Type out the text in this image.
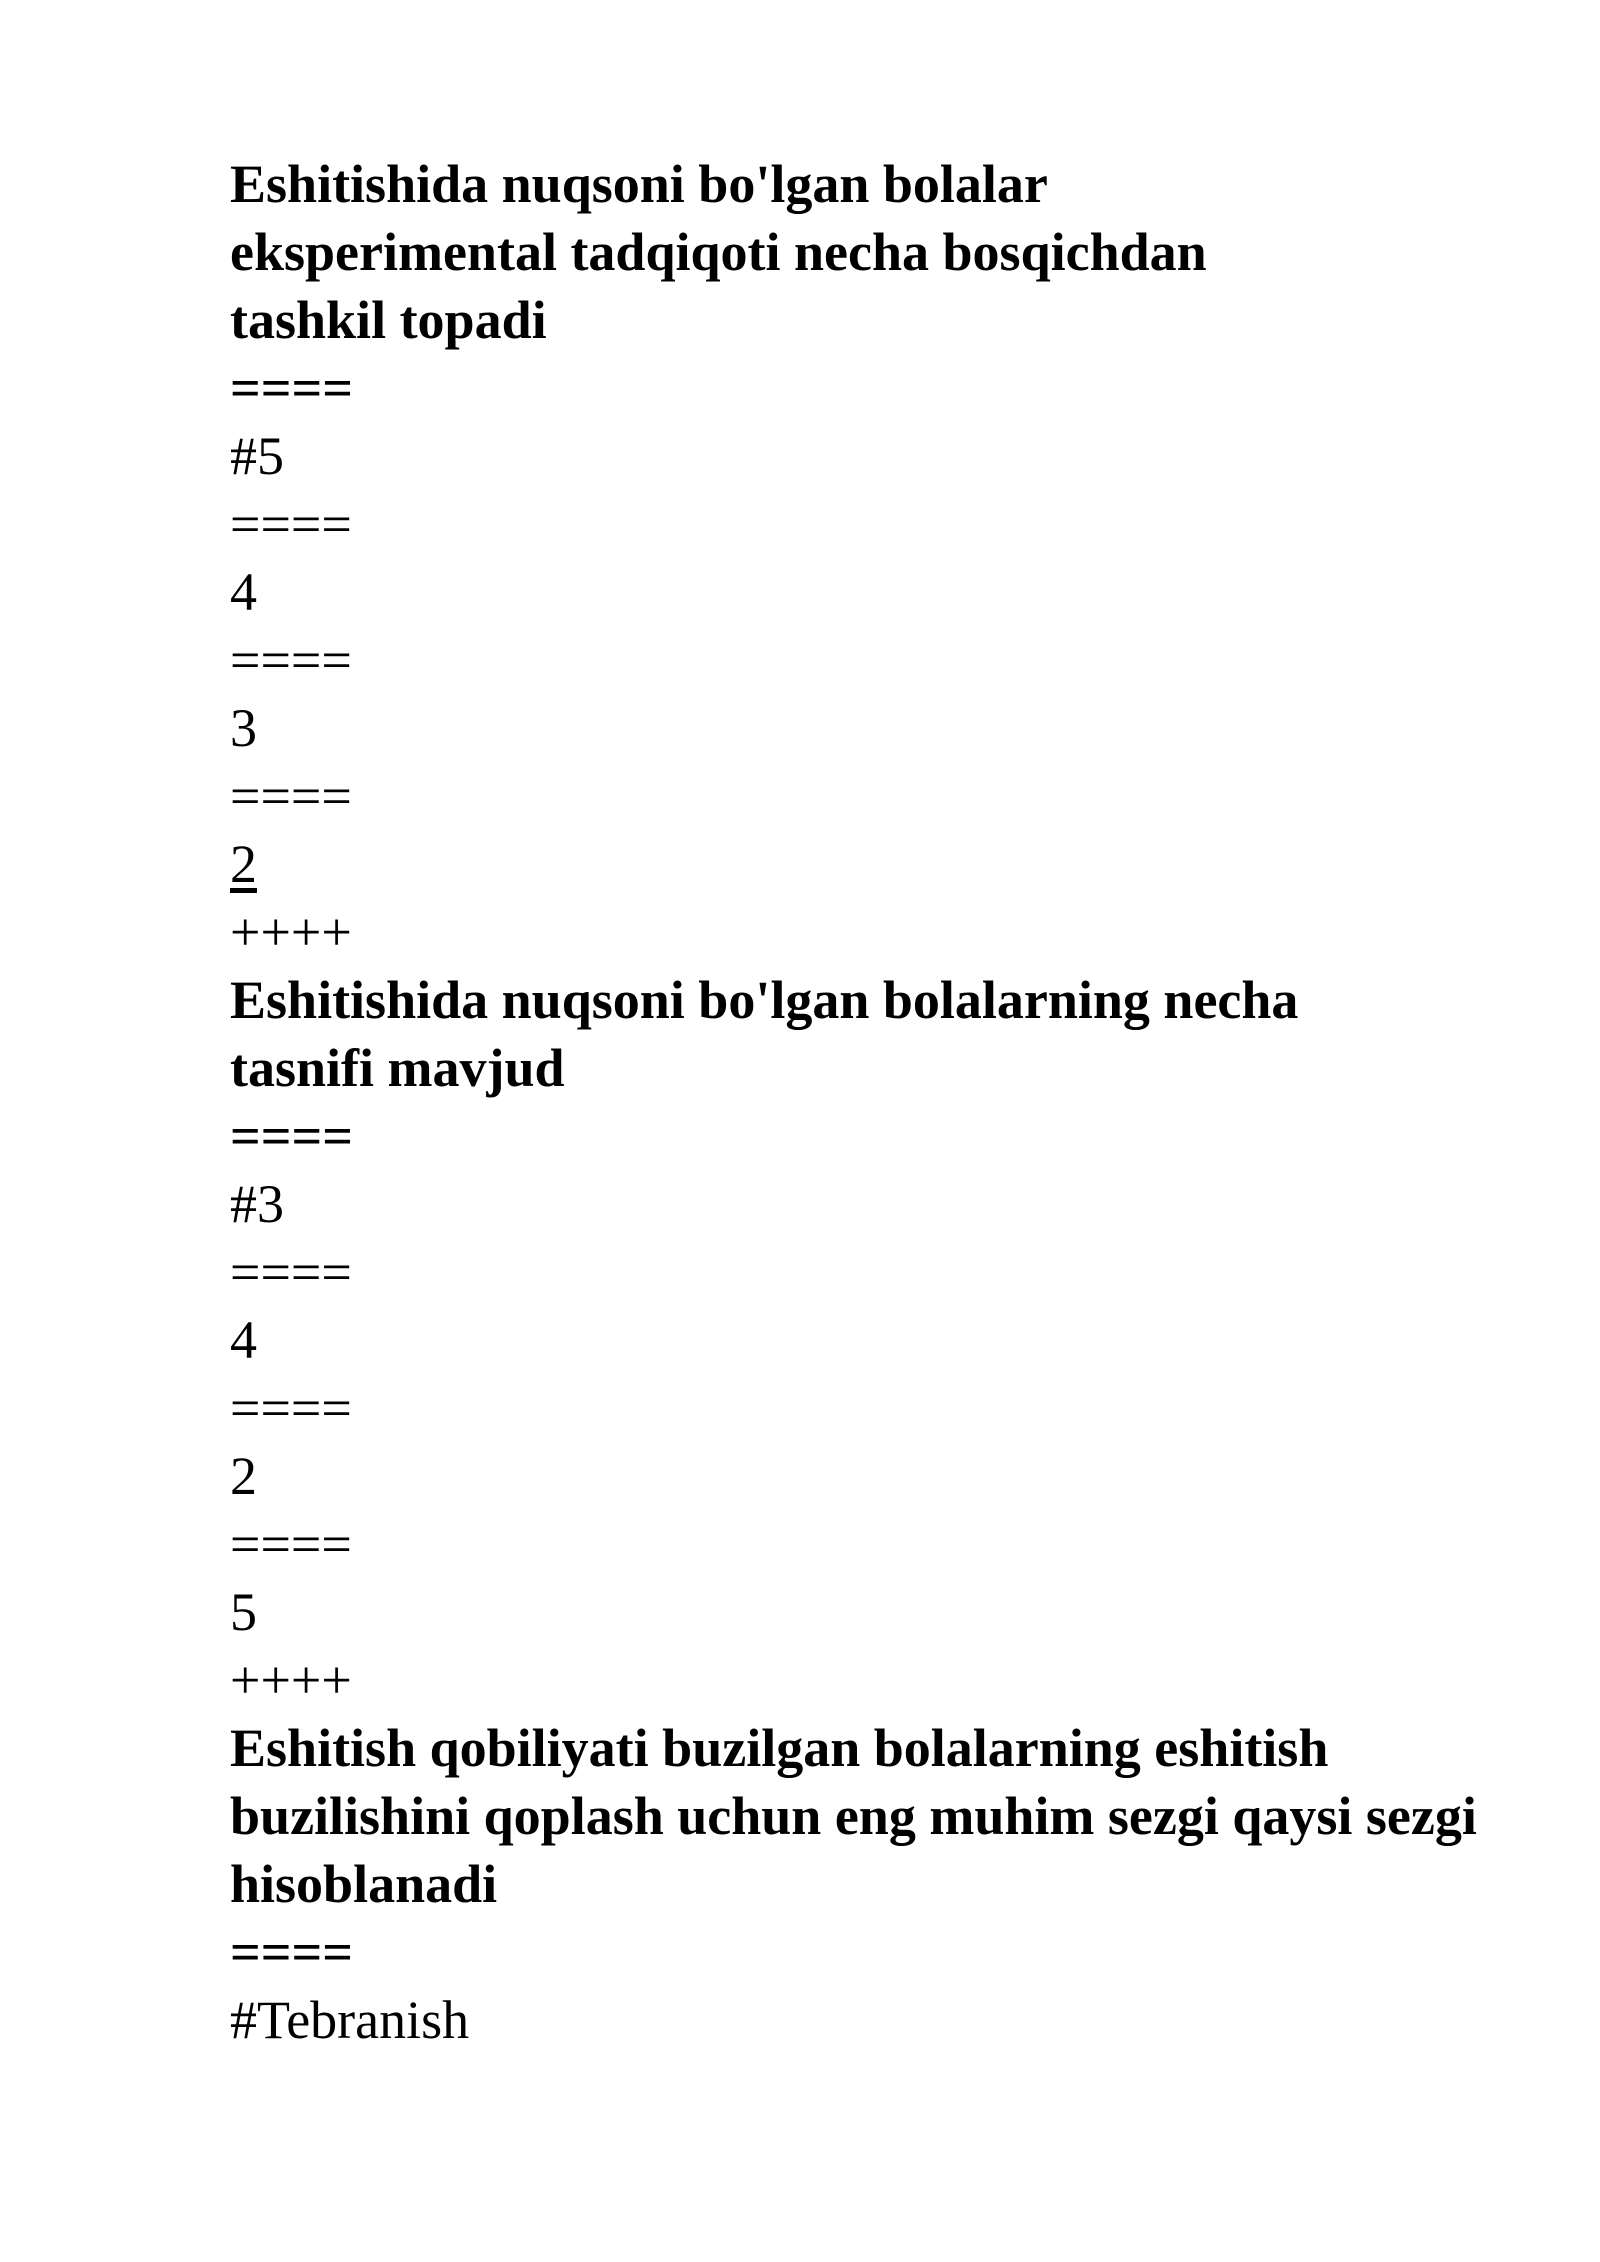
Eshitishida nuqsoni bo'lgan bolalar eksperimental tadqiqoti necha bosqichdan tashkil topadi

====

#5

====

4

====

3

====

2

++++

Eshitishida nuqsoni bo'lgan bolalarning necha tasnifi mavjud

====

#3

====

4

====

2

====

5

++++

Eshitish qobiliyati buzilgan bolalarning eshitish buzilishini qoplash uchun eng muhim sezgi qaysi sezgi hisoblanadi

====

#Tebranish
